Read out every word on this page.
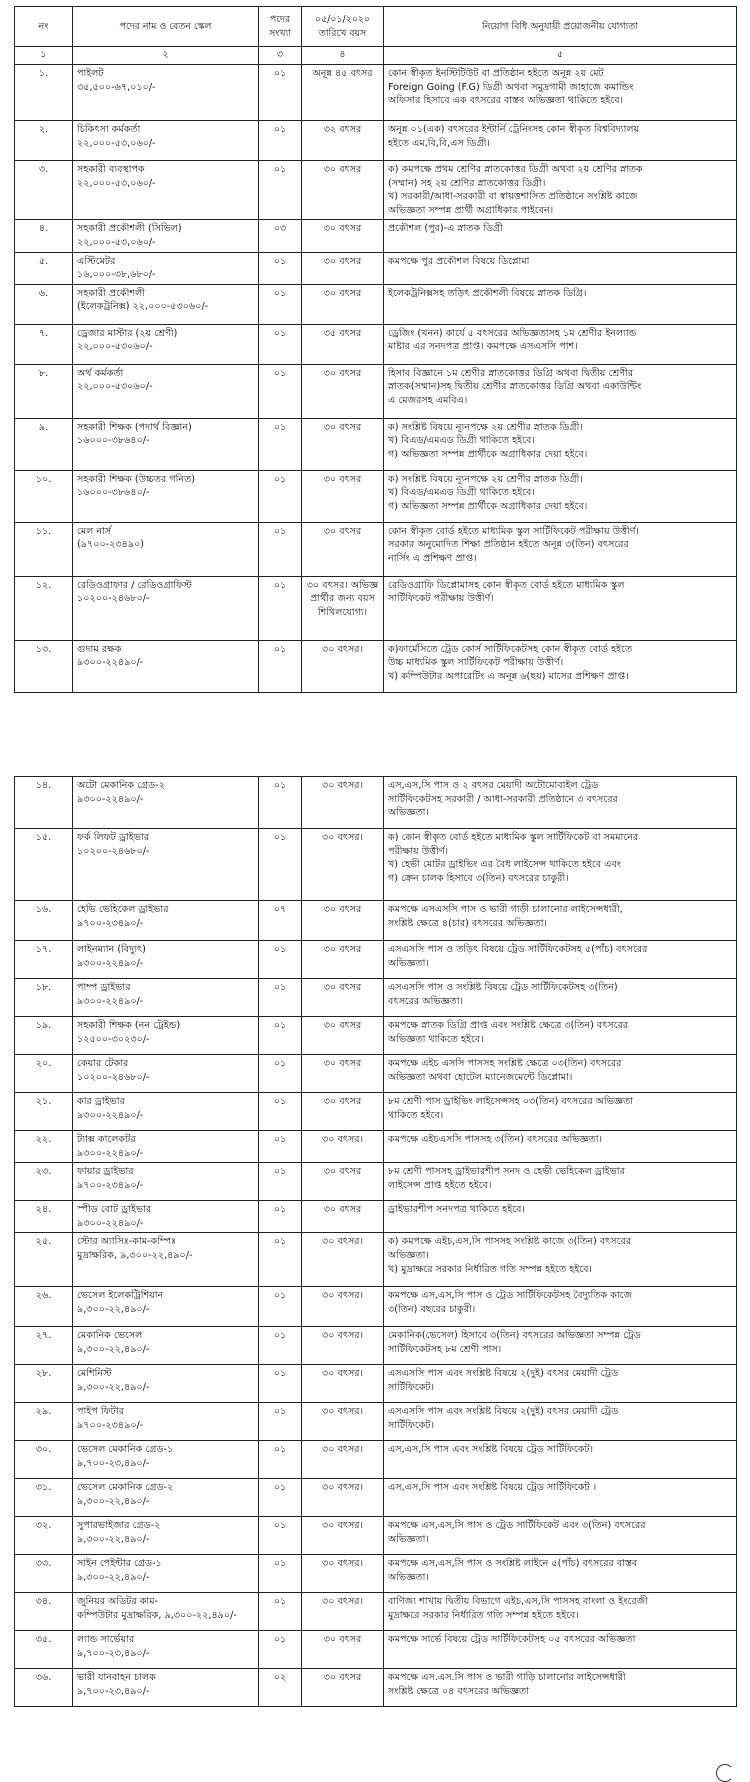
নং	পদের নাম ও বেতন স্কেল	পদের সংখ্যা	০৫/০১/২০২০ তারিখে বয়স	নিয়োগ বিধি অনুযায়ী প্রয়োজনীয় যোগ্যতা
১	২	৩	৪	৫
১.	পাইলট
৩৫,৫০০-৬৭,০১০/-	০১	অনূন্ন ৪৫ বৎসর	কোন স্বীকৃত ইনস্টিটিউট বা প্রতিষ্ঠান হইতে অনূন্ন ২য় মেট
Foreign Going (F.G) ডিগ্রী অথবা সমুদ্রগামী জাহাজে কমান্ডিং
অফিসার হিসাবে এক বৎসরের বাস্তব অভিজ্ঞতা থাকিতে হইবে।

২.	চিকিৎসা কর্মকর্তা
২২,০০০-৫৩,০৬০/-	০১	৩২ বৎসর	অনূন্ন ০১(এক) বৎসরের ইন্টার্নি ট্রেনিংসহ কোন স্বীকৃত বিশ্ববিদ্যালয়
হইতে এম,বি,বি,এস ডিগ্রী।

৩.	সহকারী ব্যবস্থাপক
২২,০০০-৫৩,০৬০/-	০১	৩০ বৎসর	ক) কমপক্ষে প্রথম শ্রেণির স্নাতকোত্তর ডিগ্রী অথবা ২য় শ্রেণির স্নাতক
(সম্মান) সহ ২য় শ্রেণির স্নাতকোত্তর ডিগ্রী।
খ) সরকারী/আধা-সরকারী বা স্বায়ত্তশাসিত প্রতিষ্ঠানে সংশ্লিষ্ট কাজে
অভিজ্ঞতা সম্পন্ন প্রার্থী অগ্রাধিকার পাইবেন।

৪.	সহকারী প্রকৌশলী (সিভিল)
২২,০০০-৫৩,০৬০/-	০৩	৩০ বৎসর	প্রকৌশল (পুর)-এ স্নাতক ডিগ্রী

৫.	এস্টিমেটর
১৬,০০০-৩৮,৬৮০/-	০১	৩০ বৎসর	কমপক্ষে পুর প্রকৌশল বিষয়ে ডিপ্লোমা

৬.	সহকারী প্রকৌশলী
(ইলেকট্রনিক্স) ২২,০০০-৫৩০৬০/-	০১	৩০ বৎসর	ইলেকট্রনিক্সসহ তড়িৎ প্রকৌশলী বিষয়ে স্নাতক ডিগ্রি।

৭.	ড্রেজার মাস্টার (২য় শ্রেণী)
২২,০০০-৫৩০৬০/-	০১	৩৫ বৎসর	ড্রেজিং (খনন) কার্যে ৫ বৎসরের অভিজ্ঞতাসহ ১ম শ্রেণীর ইনল্যান্ড
মাষ্টার এর সনদপত্র প্রাপ্ত। কমপক্ষে এসএসসি পাশ।

৮.	অর্থ কর্মকর্তা
২২,০০০-৫৩০৬০/-	০১	৩০ বৎসর	হিসাব বিজ্ঞানে ১ম শ্রেণীর স্নাতকোত্তর ডিগ্রি অথবা দ্বিতীয় শ্রেণীর
স্নাতক(সম্মান)সহ দ্বিতীয় শ্রেণীর স্নাতকোত্তর ডিগ্রি অথবা একাউন্টিং
এ মেজরসহ এমবিএ।

৯.	সহকারী শিক্ষক (পদার্থ বিজ্ঞান)
১৬০০০-৩৮৬৪০/-	০১	৩০ বৎসর	ক) সংশ্লিষ্ট বিষয়ে ন্যূনপক্ষে ২য় শ্রেণীর স্নাতক ডিগ্রী।
খ) বিএড/এমএড ডিগ্রী থাকিতে হইবে।
গ) অভিজ্ঞতা সম্পন্ন প্রার্থীকে অগ্রাধিকার দেয়া হইবে।

১০.	সহকারী শিক্ষক (উচ্চতর গনিত)
১৬০০০-৩৮৬৪০/-	০১	৩০ বৎসর	ক) সংশ্লিষ্ট বিষয়ে ন্যূনপক্ষে ২য় শ্রেণীর স্নাতক ডিগ্রী।
খ) বিএড/এমএড ডিগ্রী থাকিতে হইবে।
গ) অভিজ্ঞতা সম্পন্ন প্রার্থীকে অগ্রাধিকার দেয়া হইবে।

১১.	মেল নার্স
(৯৭০০-২৩৪৯০)	০১	৩০ বৎসর	কোন স্বীকৃত বোর্ড হইতে মাধ্যমিক স্কুল সার্টিফিকেট পরীক্ষায় উত্তীর্ণ।
সরকার অনুমোদিত শিক্ষা প্রতিষ্ঠান হইতে অনূন্ন ৩(তিন) বৎসরের
নার্সিং এ প্রশিক্ষণ প্রাপ্ত।

১২.	রেডিওগ্রাফার / রেডিওগ্রাফিস্ট
১০২০০-২৪৬৮০/-	০১	৩০ বৎসর। অভিজ্ঞ প্রার্থীর জন্য বয়স শিথিলযোগ্য।	রেডিওগ্রাফি ডিপ্লোমাসহ কোন স্বীকৃত বোর্ড হইতে মাধ্যমিক স্কুল
সার্টিফিকেট পরীক্ষায় উত্তীর্ণ।

১৩.	গুদাম রক্ষক
৯৩০০-২২৪৯০/-	০১	৩০ বৎসর।	ক)ফার্মেসিতে ট্রেড কোর্স সার্টিফিকেটসহ কোন স্বীকৃত বোর্ড হইতে
উচ্চ মাধ্যমিক স্কুল সার্টিফিকেট পরীক্ষায় উত্তীর্ণ।
খ) কম্পিউটার অপারেটিং এ অনূন্ন ৬(ছয়) মাসের প্রশিক্ষণ প্রাপ্ত।
১৪.	অটো মেকানিক গ্রেড-২
৯৩০০-২২৪৯০/-	০১	৩০ বৎসর।	এস,এস,সি পাস ও ২ বৎসর মেয়াদী অটোমোবাইল ট্রেড
সার্টিফিকেটসহ সরকারী / আধা-সরকারী প্রতিষ্ঠানে ৩ বৎসরের
অভিজ্ঞতা।

১৫.	ফর্ক লিফট ড্রাইভার
১০২০০-২৪৬৮০/-	০১	৩০ বৎসর।	ক) কোন স্বীকৃত বোর্ড হইতে মাধ্যমিক স্কুল সার্টিফিকেট বা সমমানের
পরীক্ষায় উত্তীর্ণ।
খ) হেভী মোটর ড্রাইভিং এর বৈধ লাইসেন্স থাকিতে হইবে এবং
গ) ক্রেন চালক হিসাবে ৩(তিন) বৎসরের চাকুরী।

১৬.	হেভি ভেহিকেল ড্রাইভার
৯৭০০-২৩৪৯০/-	০৭	৩০ বৎসর	কমপক্ষে এসএসসি পাস ও ভারী গাড়ী চালানোর লাইসেন্সধারী,
সংশ্লিষ্ট ক্ষেত্রে ৪(চার) বৎসরের অভিজ্ঞতা।

১৭.	লাইনম্যান (বিদ্যুৎ)
৯৩০০-২২৪৯০/-	০১	৩০ বৎসর	এসএসসি পাস ও তড়িৎ বিষয়ে ট্রেড সার্টিফিকেটসহ ৫(পাঁচ) বৎসরের
অভিজ্ঞতা।

১৮.	পাম্প ড্রাইভার
৯৩০০-২২৪৯০/-	০১	৩০ বৎসর	এসএসসি পাস ও সংশ্লিষ্ট বিষয়ে ট্রেড সার্টিফিকেটসহ ৩(তিন)
বৎসরের অভিজ্ঞতা।

১৯.	সহকারী শিক্ষক (নন ট্রেইন্ড)
১২৫০০-৩০২৩০/-	০১	৩০ বৎসর	কমপক্ষে স্নাতক ডিগ্রি প্রাপ্ত এবং সংশ্লিষ্ট ক্ষেত্রে ৩(তিন) বৎসরের
অভিজ্ঞতা থাকিতে হইবে।

২০.	কেয়ার টেকার
১০২০০-২৪৬৮০/-	০১	৩০ বৎসর	কমপক্ষে এইচ এসসি পাসসহ সংশ্লিষ্ট ক্ষেত্রে ০৩(তিন) বৎসরের
অভিজ্ঞতা অথবা হোটেল ম্যানেজমেন্টে ডিপ্লোমা।

২১.	কার ড্রাইভার
৯৩০০-২২৪৯০/-	০১	৩০ বৎসর	৮ম শ্রেণী পাস ড্রাইভিং লাইসেন্সসহ ০৩(তিন) বৎসরের অভিজ্ঞতা
থাকিতে হইবে।

২২.	ট্যাক্স কালেকটর
৯৩০০-২২৪৯০/-	০১	৩০ বৎসর।	কমপক্ষে এইচএসসি পাসসহ ৩(তিন) বৎসরের অভিজ্ঞতা।

২৩.	ফায়ার ড্রাইভার
৯৭০০-২৩৪৯০/-	০১	৩০ বৎসর	৮ম শ্রেণী পাসসহ ড্রাইভারশীপ সনদ ও হেভী ভেহিকেল ড্রাইভার
লাইসেন্স প্রাপ্ত হইতে হইবে।

২৪.	স্পীড বোট ড্রাইভার
৯৩০০-২২৪৯০/-	০১	৩০ বৎসর	ড্রাইভারশীপ সনদপত্র থাকিতে হইবে।

২৫.	স্টোর অ্যাসিঃ-কাম-কম্পিঃ
মুদ্রাক্ষরিক, ৯,৩০০-২২,৪৯০/-	০১	৩০ বৎসর।	ক) কমপক্ষে এইচ,এস,সি পাসসহ সংশ্লিষ্ট কাজে ৩(তিন) বৎসরের
অভিজ্ঞতা।
খ) মুদ্রাক্ষরে সরকার নির্ধারিত গতি সম্পন্ন হইতে হইবে।

২৬.	ভেসেল ইলেকট্রিশিয়ান
৯,৩০০-২২,৪৯০/-	০১	৩০ বৎসর।	কমপক্ষে এস,এস,সি পাস ও ট্রেড সার্টিফিকেটসহ বৈদ্যুতিক কাজে
৩(তিন) বছরের চাকুরী।

২৭.	মেকানিক ভেসেল
৯,৩০০-২২,৪৯০/-	০১	৩০ বৎসর।	মেকানিক(ভেসেল) হিসাবে ৩(তিন) বৎসরের অভিজ্ঞতা সম্পন্ন ট্রেড
সার্টিফিকেটসহ ৮ম শ্রেণী পাস।

২৮.	মেশিনিস্ট
৯,৩০০-২২,৪৯০/-	০১	৩০ বৎসর।	এসএসসি পাস এবং সংশ্লিষ্ট বিষয়ে ২(দুই) বৎসর মেয়াদী ট্রেড
সার্টিফিকেট।

২৯.	পাইপ ফিটার
৯৭০০-২৩৪৯০/-	০১	৩০ বৎসর।	এসএসসি পাস এবং সংশ্লিষ্ট বিষয়ে ২(দুই) বৎসর মেয়াদী ট্রেড
সার্টিফিকেট।

৩০.	ভেসেল মেকানিক গ্রেড-১
৯,৭০০-২৩,৪৯০/-	০১	৩০ বৎসর।	এস,এস,সি পাস এবং সংশ্লিষ্ট বিষয়ে ট্রেড সার্টিফিকেট।

৩১.	ভেসেল মেকানিক গ্রেড-২
৯,৩০০-২২,৪৯০/-	০১	৩০ বৎসর।	এস,এস,সি পাস এবং সংশ্লিষ্ট বিষয়ে ট্রেড সার্টিফিকেট ।

৩২.	সুপারভাইজার গ্রেড-২
৯,৩০০-২২,৪৯০/-	০১	৩০ বৎসর।	কমপক্ষে এস,এস,সি পাস ও ট্রেড সার্টিফিকেট এবং ৩(তিন) বৎসরের
অভিজ্ঞতা।

৩৩.	সাইন পেইন্টার গ্রেড-১
৯,৩০০-২২,৪৯০/-	০১	৩০ বৎসর।	কমপক্ষে এস,এস,সি পাস ও সংশ্লিষ্ট লাইনে ৫(পাঁচ) বৎসরের বাস্তব
অভিজ্ঞতা।

৩৪.	জুনিয়র অডিটর কাম-
কম্পিউটার মুদ্রাক্ষরিক, ৯,৩০০-২২,৪৯০/-	০১	৩০ বৎসর।	বাণিজ্য শাখায় দ্বিতীয় বিভাগে এইচ,এস,সি পাসসহ বাংলা ও ইংরেজী
মুদ্রাক্ষরে সরকার নির্ধারিত গতি সম্পন্ন হইতে হইবে।

৩৫.	ল্যান্ড সার্ভেয়ার
৯,৭০০-২৩,৪৯০/-	০১	৩০ বৎসর	কমপক্ষে সার্ভে বিষয়ে ট্রেড সার্টিফিকেটসহ ০৫ বৎসরের অভিজ্ঞতা

৩৬.	ভারী যানবাহন চালক
৯,৭০০-২৩,৪৯০/-	০২	৩০ বৎসর	কমপক্ষে এস.এস.সি পাস ও ভারী গাড়ি চালানোর লাইসেন্সধারী
সংশ্লিষ্ট ক্ষেত্রে ০৪ বৎসরের অভিজ্ঞতা
